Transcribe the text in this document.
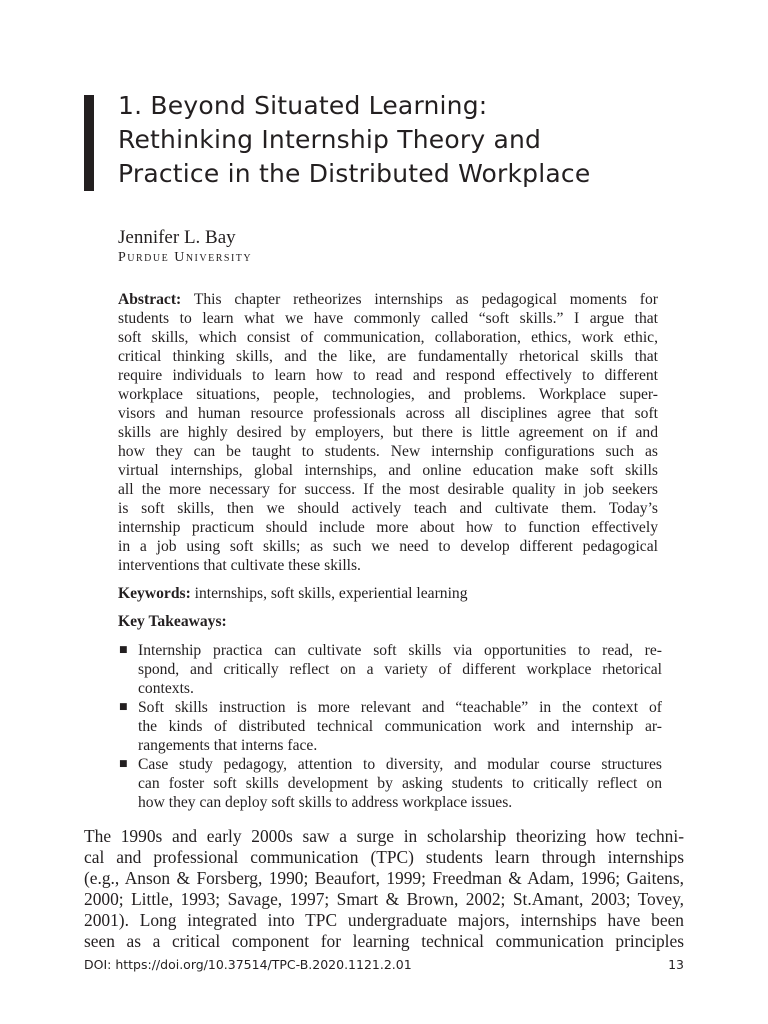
1. Beyond Situated Learning:
Rethinking Internship Theory and
Practice in the Distributed Workplace
Jennifer L. Bay
Purdue University
Abstract: This chapter retheorizes internships as pedagogical moments for
students to learn what we have commonly called “soft skills.” I argue that
soft skills, which consist of communication, collaboration, ethics, work ethic,
critical thinking skills, and the like, are fundamentally rhetorical skills that
require individuals to learn how to read and respond effectively to different
workplace situations, people, technologies, and problems. Workplace super-
visors and human resource professionals across all disciplines agree that soft
skills are highly desired by employers, but there is little agreement on if and
how they can be taught to students. New internship configurations such as
virtual internships, global internships, and online education make soft skills
all the more necessary for success. If the most desirable quality in job seekers
is soft skills, then we should actively teach and cultivate them. Today’s
internship practicum should include more about how to function effectively
in a job using soft skills; as such we need to develop different pedagogical
interventions that cultivate these skills.
Keywords: internships, soft skills, experiential learning
Key Takeaways:
■ Internship practica can cultivate soft skills via opportunities to read, re-
spond, and critically reflect on a variety of different workplace rhetorical
contexts.
■ Soft skills instruction is more relevant and “teachable” in the context of
the kinds of distributed technical communication work and internship ar-
rangements that interns face.
■ Case study pedagogy, attention to diversity, and modular course structures
can foster soft skills development by asking students to critically reflect on
how they can deploy soft skills to address workplace issues.
The 1990s and early 2000s saw a surge in scholarship theorizing how techni-
cal and professional communication (TPC) students learn through internships
(e.g., Anson & Forsberg, 1990; Beaufort, 1999; Freedman & Adam, 1996; Gaitens,
2000; Little, 1993; Savage, 1997; Smart & Brown, 2002; St.Amant, 2003; Tovey,
2001). Long integrated into TPC undergraduate majors, internships have been
seen as a critical component for learning technical communication principles
DOI: https://doi.org/10.37514/TPC-B.2020.1121.2.01	13
